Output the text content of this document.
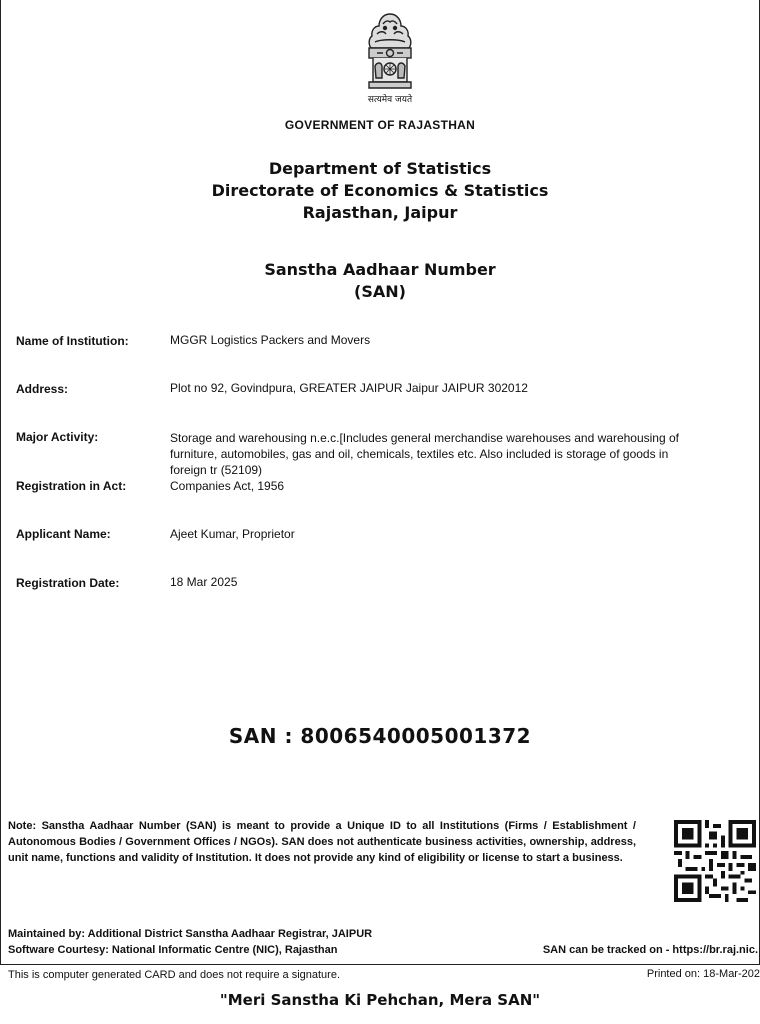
सत्यमेव जयते
GOVERNMENT OF RAJASTHAN
Department of Statistics
Directorate of Economics & Statistics
Rajasthan, Jaipur
Sanstha Aadhaar Number
(SAN)
Name of Institution:	MGGR Logistics Packers and Movers
Address:	Plot no 92, Govindpura, GREATER JAIPUR Jaipur JAIPUR 302012
Major Activity:	Storage and warehousing n.e.c.[Includes general merchandise warehouses and warehousing of furniture, automobiles, gas and oil, chemicals, textiles etc. Also included is storage of goods in foreign tr (52109)
Registration in Act:	Companies Act, 1956
Applicant Name:	Ajeet Kumar, Proprietor
Registration Date:	18 Mar 2025
SAN : 8006540005001372
Note: Sanstha Aadhaar Number (SAN) is meant to provide a Unique ID to all Institutions (Firms / Establishment / Autonomous Bodies / Government Offices / NGOs). SAN does not authenticate business activities, ownership, address, unit name, functions and validity of Institution. It does not provide any kind of eligibility or license to start a business.
Maintained by: Additional District Sanstha Aadhaar Registrar, JAIPUR
Software Courtesy: National Informatic Centre (NIC), Rajasthan	SAN can be tracked on - https://br.raj.nic.
This is computer generated CARD and does not require a signature.	Printed on: 18-Mar-202
"Meri Sanstha Ki Pehchan, Mera SAN"
